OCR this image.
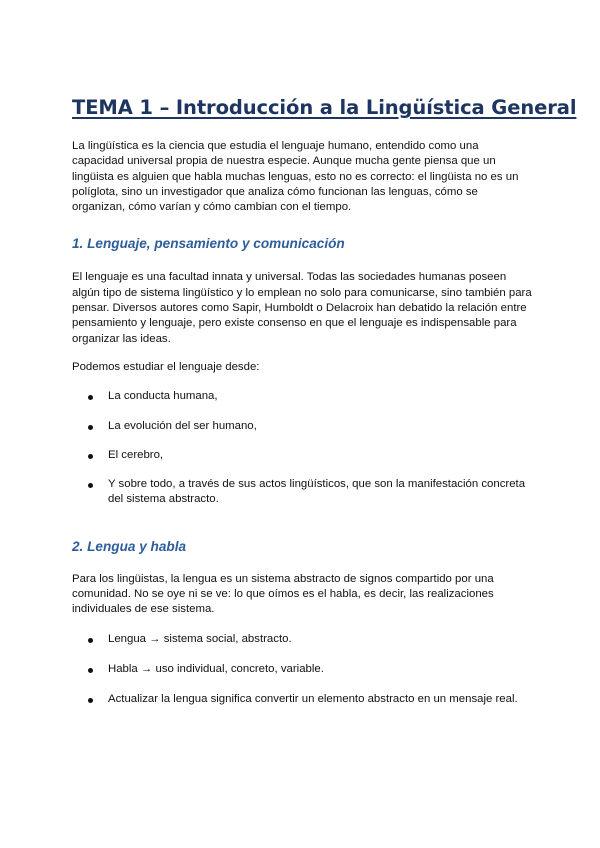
TEMA 1 – Introducción a la Lingüística General

La lingüística es la ciencia que estudia el lenguaje humano, entendido como una capacidad universal propia de nuestra especie. Aunque mucha gente piensa que un lingüista es alguien que habla muchas lenguas, esto no es correcto: el lingüista no es un políglota, sino un investigador que analiza cómo funcionan las lenguas, cómo se organizan, cómo varían y cómo cambian con el tiempo.

1. Lenguaje, pensamiento y comunicación

El lenguaje es una facultad innata y universal. Todas las sociedades humanas poseen algún tipo de sistema lingüístico y lo emplean no solo para comunicarse, sino también para pensar. Diversos autores como Sapir, Humboldt o Delacroix han debatido la relación entre pensamiento y lenguaje, pero existe consenso en que el lenguaje es indispensable para organizar las ideas.

Podemos estudiar el lenguaje desde:

La conducta humana,
La evolución del ser humano,
El cerebro,
Y sobre todo, a través de sus actos lingüísticos, que son la manifestación concreta del sistema abstracto.
2. Lengua y habla

Para los lingüistas, la lengua es un sistema abstracto de signos compartido por una comunidad. No se oye ni se ve: lo que oímos es el habla, es decir, las realizaciones individuales de ese sistema.

Lengua → sistema social, abstracto.
Habla → uso individual, concreto, variable.
Actualizar la lengua significa convertir un elemento abstracto en un mensaje real.
